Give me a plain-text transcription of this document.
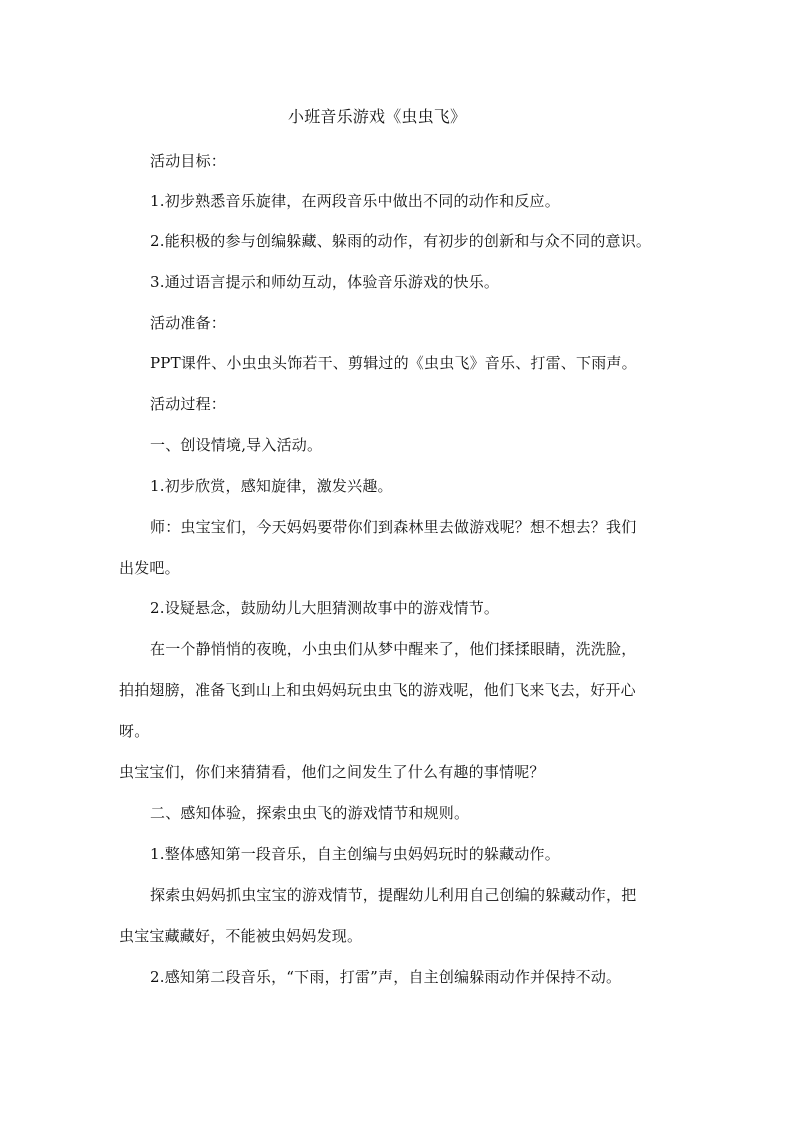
小班音乐游戏《虫虫飞》
活动目标：
1.初步熟悉音乐旋律，在两段音乐中做出不同的动作和反应。
2.能积极的参与创编躲藏、躲雨的动作，有初步的创新和与众不同的意识。
3.通过语言提示和师幼互动，体验音乐游戏的快乐。
活动准备：
PPT课件、小虫虫头饰若干、剪辑过的《虫虫飞》音乐、打雷、下雨声。
活动过程：
一、创设情境,导入活动。
1.初步欣赏，感知旋律，激发兴趣。
师：虫宝宝们，今天妈妈要带你们到森林里去做游戏呢？想不想去？我们
出发吧。
2.设疑悬念，鼓励幼儿大胆猜测故事中的游戏情节。
在一个静悄悄的夜晚，小虫虫们从梦中醒来了，他们揉揉眼睛，洗洗脸，
拍拍翅膀，准备飞到山上和虫妈妈玩虫虫飞的游戏呢，他们飞来飞去，好开心
呀。
虫宝宝们，你们来猜猜看，他们之间发生了什么有趣的事情呢？
二、感知体验，探索虫虫飞的游戏情节和规则。
1.整体感知第一段音乐，自主创编与虫妈妈玩时的躲藏动作。
探索虫妈妈抓虫宝宝的游戏情节，提醒幼儿利用自己创编的躲藏动作，把
虫宝宝藏藏好，不能被虫妈妈发现。
2.感知第二段音乐，“下雨，打雷”声，自主创编躲雨动作并保持不动。
